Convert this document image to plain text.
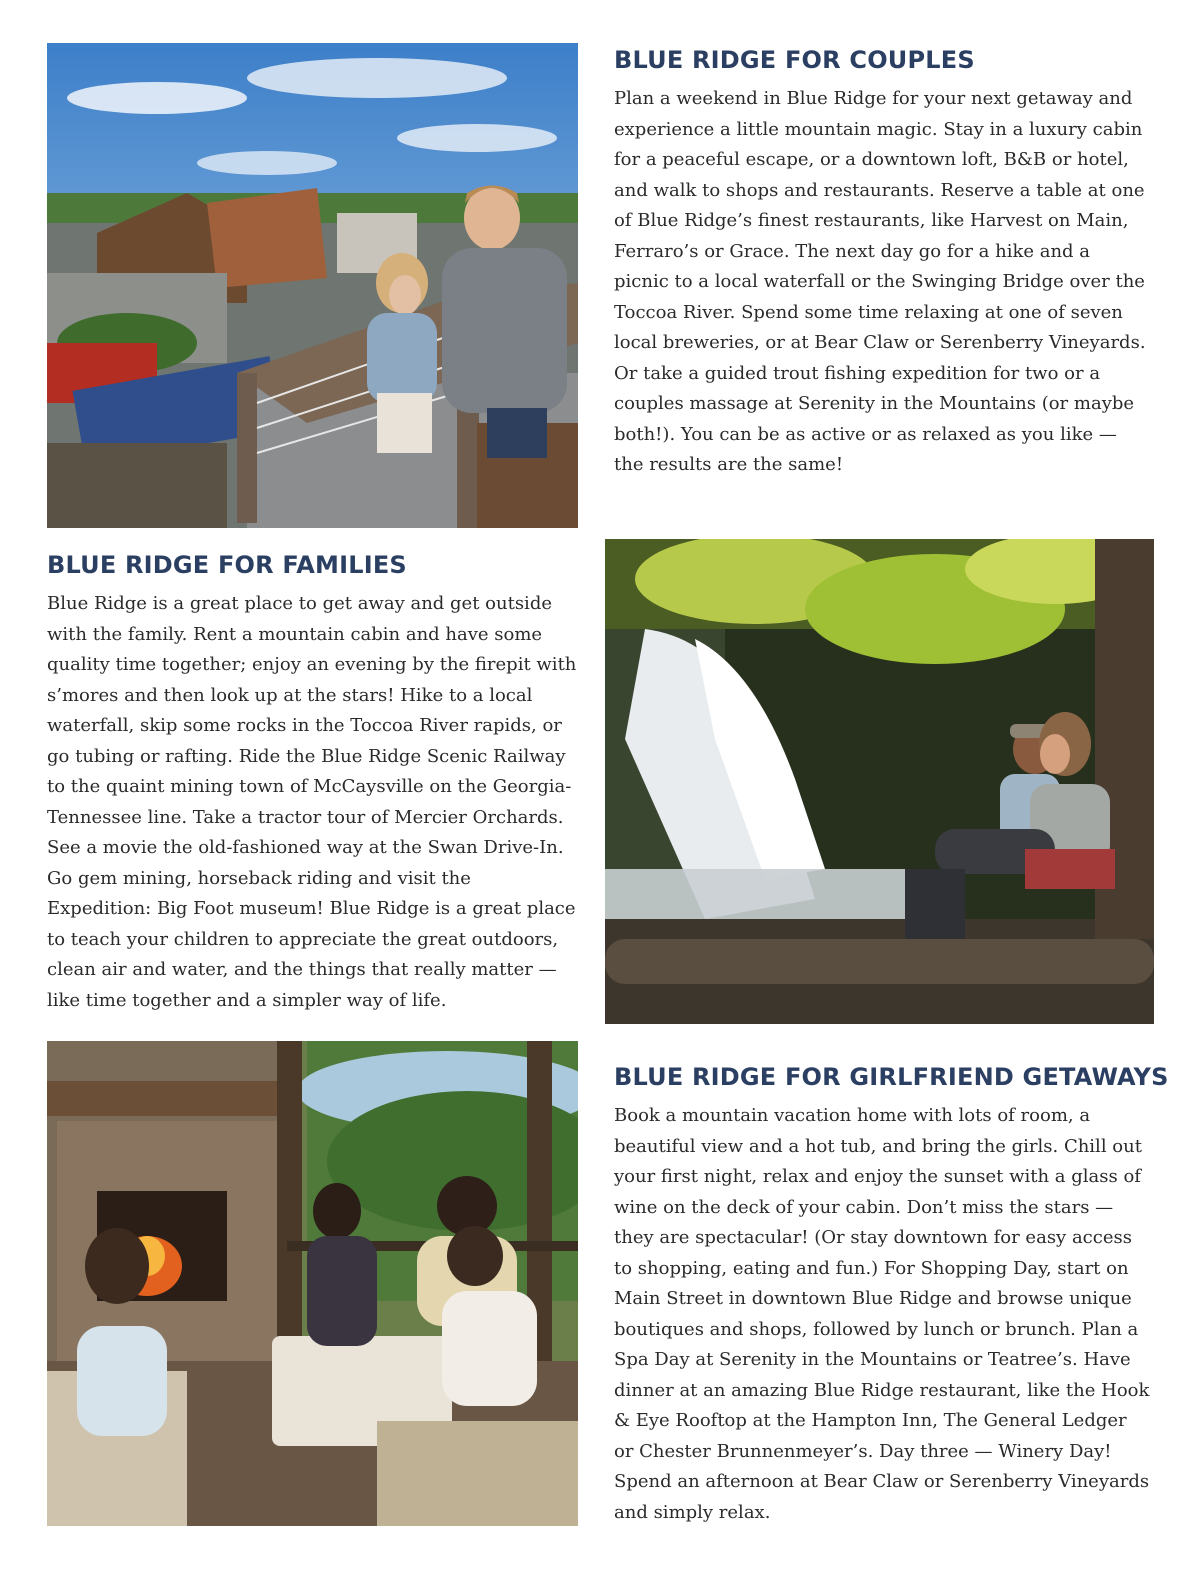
BLUE RIDGE FOR COUPLES

Plan a weekend in Blue Ridge for your next getaway and experience a little mountain magic. Stay in a luxury cabin for a peaceful escape, or a downtown loft, B&B or hotel, and walk to shops and restaurants. Reserve a table at one of Blue Ridge’s finest restaurants, like Harvest on Main, Ferraro’s or Grace. The next day go for a hike and a picnic to a local waterfall or the Swinging Bridge over the Toccoa River. Spend some time relaxing at one of seven local breweries, or at Bear Claw or Serenberry Vineyards. Or take a guided trout fishing expedition for two or a couples massage at Serenity in the Mountains (or maybe both!). You can be as active or as relaxed as you like — the results are the same!

BLUE RIDGE FOR FAMILIES

Blue Ridge is a great place to get away and get outside with the family. Rent a mountain cabin and have some quality time together; enjoy an evening by the firepit with s’mores and then look up at the stars! Hike to a local waterfall, skip some rocks in the Toccoa River rapids, or go tubing or rafting. Ride the Blue Ridge Scenic Railway to the quaint mining town of McCaysville on the Georgia-Tennessee line. Take a tractor tour of Mercier Orchards. See a movie the old-fashioned way at the Swan Drive-In. Go gem mining, horseback riding and visit the Expedition: Big Foot museum! Blue Ridge is a great place to teach your children to appreciate the great outdoors, clean air and water, and the things that really matter — like time together and a simpler way of life.

BLUE RIDGE FOR GIRLFRIEND GETAWAYS

Book a mountain vacation home with lots of room, a beautiful view and a hot tub, and bring the girls. Chill out your first night, relax and enjoy the sunset with a glass of wine on the deck of your cabin. Don’t miss the stars — they are spectacular! (Or stay downtown for easy access to shopping, eating and fun.) For Shopping Day, start on Main Street in downtown Blue Ridge and browse unique boutiques and shops, followed by lunch or brunch. Plan a Spa Day at Serenity in the Mountains or Teatree’s. Have dinner at an amazing Blue Ridge restaurant, like the Hook & Eye Rooftop at the Hampton Inn, The General Ledger or Chester Brunnenmeyer’s. Day three — Winery Day! Spend an afternoon at Bear Claw or Serenberry Vineyards and simply relax.
